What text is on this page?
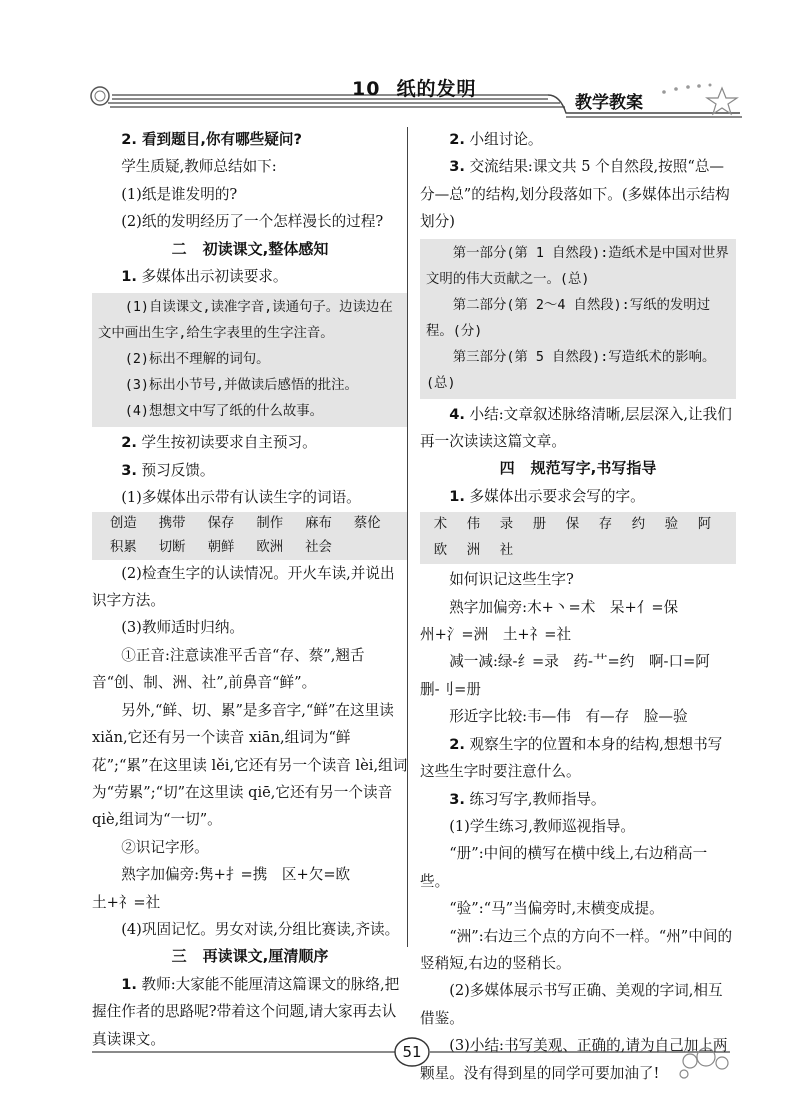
10 纸的发明
教学教案

2. 看到题目,你有哪些疑问?

学生质疑,教师总结如下:

(1)纸是谁发明的?

(2)纸的发明经历了一个怎样漫长的过程?

二 初读课文,整体感知

1. 多媒体出示初读要求。

(1)自读课文,读准字音,读通句子。边读边在文中画出生字,给生字表里的生字注音。

(2)标出不理解的词句。

(3)标出小节号,并做读后感悟的批注。

(4)想想文中写了纸的什么故事。

2. 学生按初读要求自主预习。

3. 预习反馈。

(1)多媒体出示带有认读生字的词语。

创造 携带 保存 制作 麻布 蔡伦
积累 切断 朝鲜 欧洲 社会

(2)检查生字的认读情况。开火车读,并说出识字方法。

(3)教师适时归纳。

①正音:注意读准平舌音“存、蔡”,翘舌音“创、制、洲、社”,前鼻音“鲜”。

另外,“鲜、切、累”是多音字,“鲜”在这里读 xiǎn,它还有另一个读音 xiān,组词为“鲜花”;“累”在这里读 lěi,它还有另一个读音 lèi,组词为“劳累”;“切”在这里读 qiē,它还有另一个读音 qiè,组词为“一切”。

②识记字形。

熟字加偏旁:隽+扌=携　区+欠=欧

土+礻=社

(4)巩固记忆。男女对读,分组比赛读,齐读。

三 再读课文,厘清顺序

1. 教师:大家能不能厘清这篇课文的脉络,把握住作者的思路呢?带着这个问题,请大家再去认真读课文。

2. 小组讨论。

3. 交流结果:课文共 5 个自然段,按照“总—分—总”的结构,划分段落如下。(多媒体出示结构划分)

第一部分(第 1 自然段):造纸术是中国对世界文明的伟大贡献之一。(总)

第二部分(第 2～4 自然段):写纸的发明过程。(分)

第三部分(第 5 自然段):写造纸术的影响。(总)

4. 小结:文章叙述脉络清晰,层层深入,让我们再一次读读这篇文章。

四 规范写字,书写指导

1. 多媒体出示要求会写的字。

术 伟 录 册 保 存 约 验 阿
欧 洲 社

如何识记这些生字?

熟字加偏旁:木+丶=术　呆+亻=保

州+氵=洲　土+礻=社

减一减:绿-纟=录　药-艹=约　啊-口=阿　删-刂=册

形近字比较:韦—伟　有—存　脸—验

2. 观察生字的位置和本身的结构,想想书写这些生字时要注意什么。

3. 练习写字,教师指导。

(1)学生练习,教师巡视指导。

“册”:中间的横写在横中线上,右边稍高一些。

“验”:“马”当偏旁时,末横变成提。

“洲”:右边三个点的方向不一样。“州”中间的竖稍短,右边的竖稍长。

(2)多媒体展示书写正确、美观的字词,相互借鉴。

(3)小结:书写美观、正确的,请为自己加上两颗星。没有得到星的同学可要加油了!

51
